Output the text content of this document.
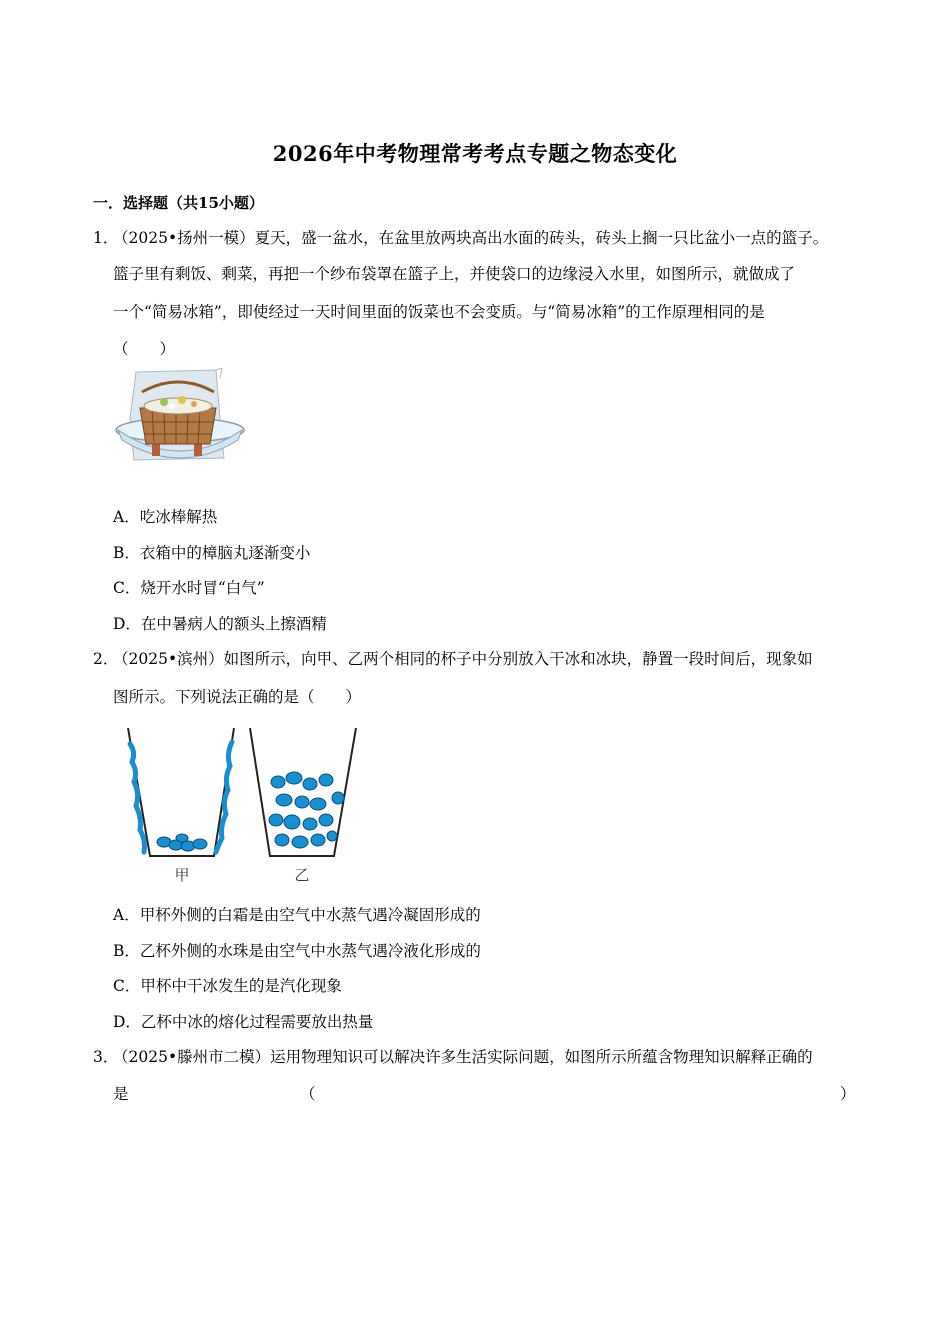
2026年中考物理常考考点专题之物态变化
一．选择题（共15小题）
1．
（2025•扬州一模）夏天，盛一盆水，在盆里放两块高出水面的砖头，砖头上搁一只比盆小一点的篮子。
篮子里有剩饭、剩菜，再把一个纱布袋罩在篮子上，并使袋口的边缘浸入水里，如图所示，就做成了
一个“简易冰箱”，即使经过一天时间里面的饭菜也不会变质。与“简易冰箱”的工作原理相同的是
（　　）
A．吃冰棒解热
B．衣箱中的樟脑丸逐渐变小
C．烧开水时冒“白气”
D．在中暑病人的额头上擦酒精
2．
（2025•滨州）如图所示，向甲、乙两个相同的杯子中分别放入干冰和冰块，静置一段时间后，现象如
图所示。下列说法正确的是（　　）
甲	乙
A．甲杯外侧的白霜是由空气中水蒸气遇冷凝固形成的
B．乙杯外侧的水珠是由空气中水蒸气遇冷液化形成的
C．甲杯中干冰发生的是汽化现象
D．乙杯中冰的熔化过程需要放出热量
3．
（2025•滕州市二模）运用物理知识可以解决许多生活实际问题，如图所示所蕴含物理知识解释正确的
是	（	）
